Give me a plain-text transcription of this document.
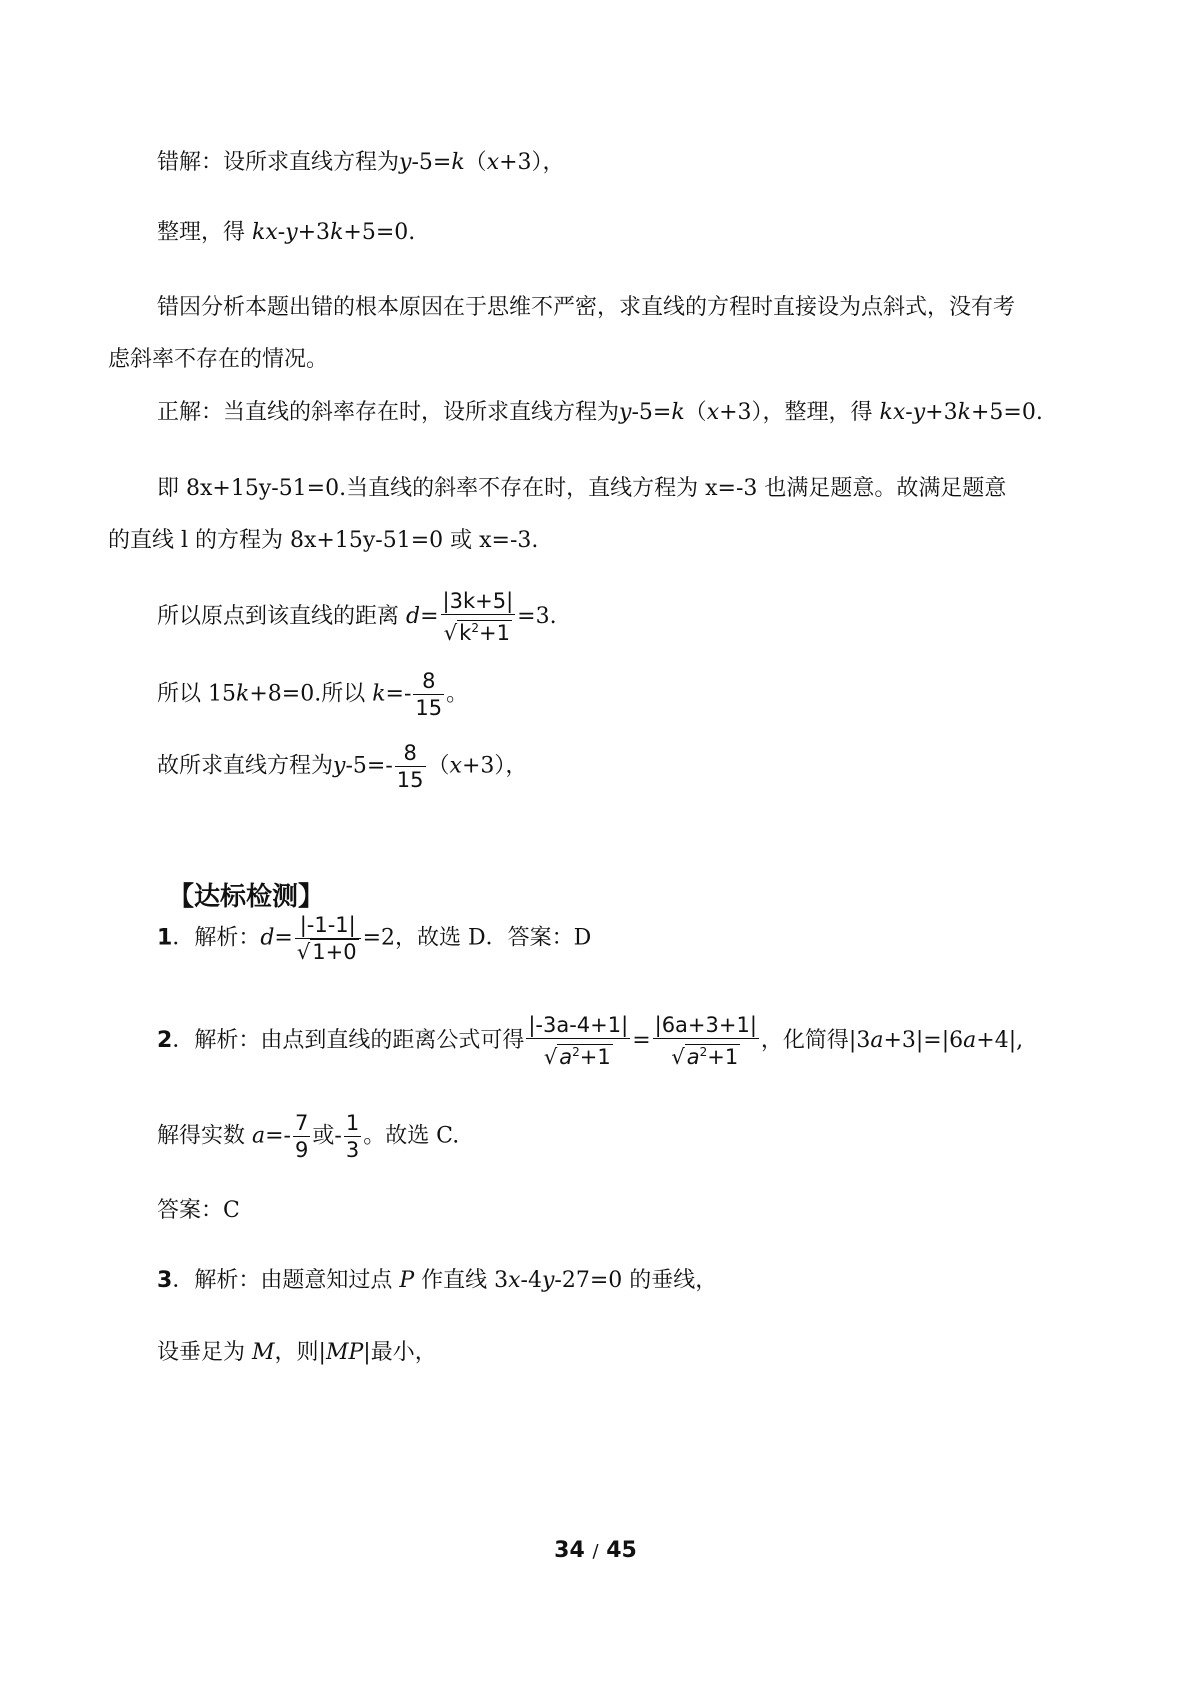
错解：设所求直线方程为y-5=k（x+3），
整理，得 kx-y+3k+5=0.
错因分析本题出错的根本原因在于思维不严密，求直线的方程时直接设为点斜式，没有考虑斜率不存在的情况。
正解：当直线的斜率存在时，设所求直线方程为y-5=k（x+3），整理，得 kx-y+3k+5=0.
即 8x+15y-51=0.当直线的斜率不存在时，直线方程为 x=-3 也满足题意。故满足题意的直线 l 的方程为 8x+15y-51=0 或 x=-3.
所以原点到该直线的距离 $d= \frac{|3k+5|}{√k^2+1} =3$.
所以 15k+8=0.所以 $k=- \frac{8}{15}$ 。
故所求直线方程为$y-5=- \frac{8}{15} (x+3)$，
【达标检测】
1．解析：$d= \frac{|-1-1|}{√1+0} =2$，故选 D．答案：D
2．解析：由点到直线的距离公式可得 $\frac{|-3a-4+1|}{√a^2+1} = \frac{|6a+3+1|}{√a^2+1}$ ，化简得|3a+3|=|6a+4|,
解得实数 $a=- \frac{7}{9}$ 或- $\frac{1}{3}$ 。故选 C.
答案：C
3．解析：由题意知过点 P 作直线 3x-4y-27=0 的垂线，
设垂足为 M，则|MP|最小，
34 / 45
